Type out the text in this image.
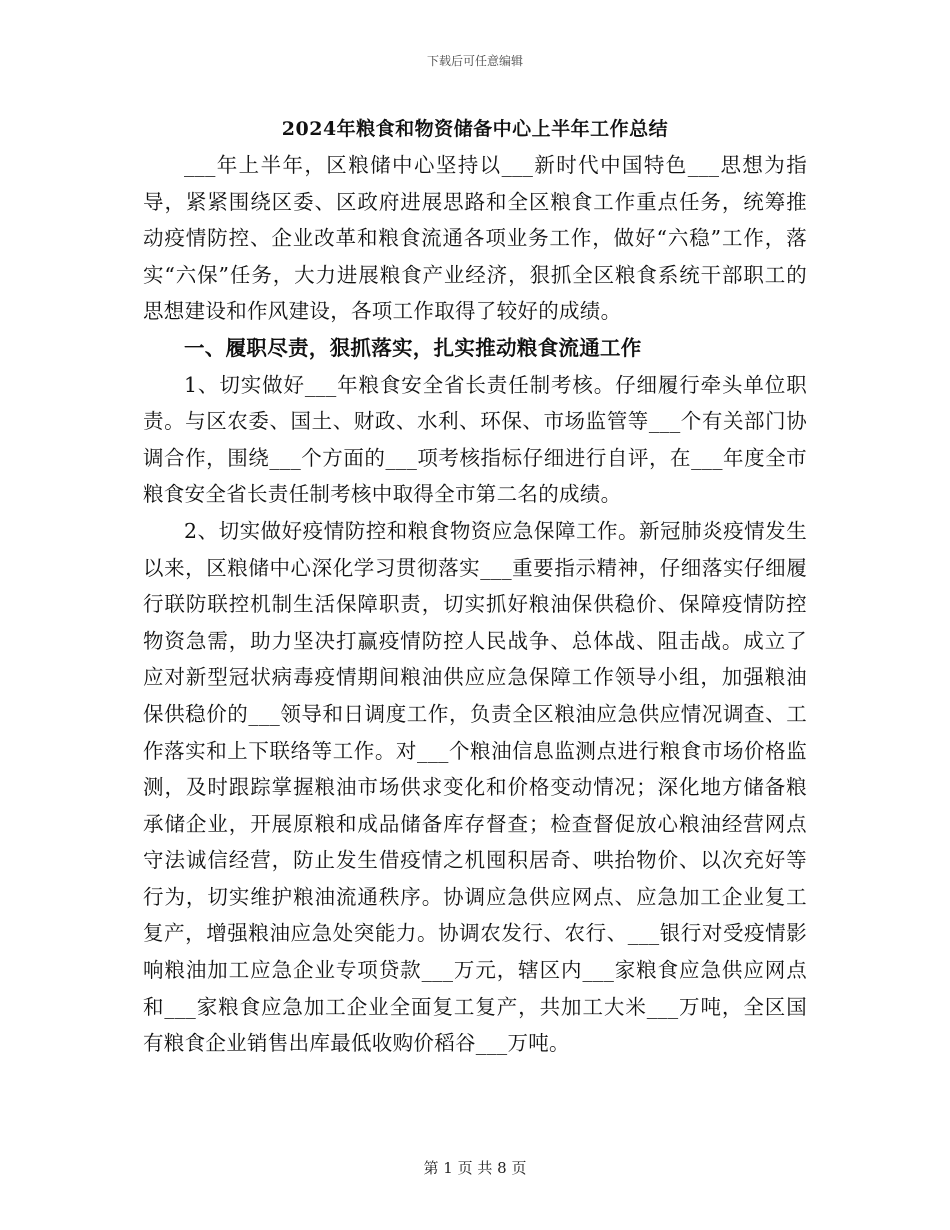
下载后可任意编辑
2024年粮食和物资储备中心上半年工作总结

___年上半年，区粮储中心坚持以___新时代中国特色___思想为指导，紧紧围绕区委、区政府进展思路和全区粮食工作重点任务，统筹推动疫情防控、企业改革和粮食流通各项业务工作，做好“六稳”工作，落实“六保”任务，大力进展粮食产业经济，狠抓全区粮食系统干部职工的思想建设和作风建设，各项工作取得了较好的成绩。

一、履职尽责，狠抓落实，扎实推动粮食流通工作

1、切实做好___年粮食安全省长责任制考核。仔细履行牵头单位职责。与区农委、国土、财政、水利、环保、市场监管等___个有关部门协调合作，围绕___个方面的___项考核指标仔细进行自评，在___年度全市粮食安全省长责任制考核中取得全市第二名的成绩。

2、切实做好疫情防控和粮食物资应急保障工作。新冠肺炎疫情发生以来，区粮储中心深化学习贯彻落实___重要指示精神，仔细落实仔细履行联防联控机制生活保障职责，切实抓好粮油保供稳价、保障疫情防控物资急需，助力坚决打赢疫情防控人民战争、总体战、阻击战。成立了应对新型冠状病毒疫情期间粮油供应应急保障工作领导小组，加强粮油保供稳价的___领导和日调度工作，负责全区粮油应急供应情况调查、工作落实和上下联络等工作。对___个粮油信息监测点进行粮食市场价格监测，及时跟踪掌握粮油市场供求变化和价格变动情况；深化地方储备粮承储企业，开展原粮和成品储备库存督查；检查督促放心粮油经营网点守法诚信经营，防止发生借疫情之机囤积居奇、哄抬物价、以次充好等行为，切实维护粮油流通秩序。协调应急供应网点、应急加工企业复工复产，增强粮油应急处突能力。协调农发行、农行、___银行对受疫情影响粮油加工应急企业专项贷款___万元，辖区内___家粮食应急供应网点和___家粮食应急加工企业全面复工复产，共加工大米___万吨，全区国有粮食企业销售出库最低收购价稻谷___万吨。

第 1 页 共 8 页
